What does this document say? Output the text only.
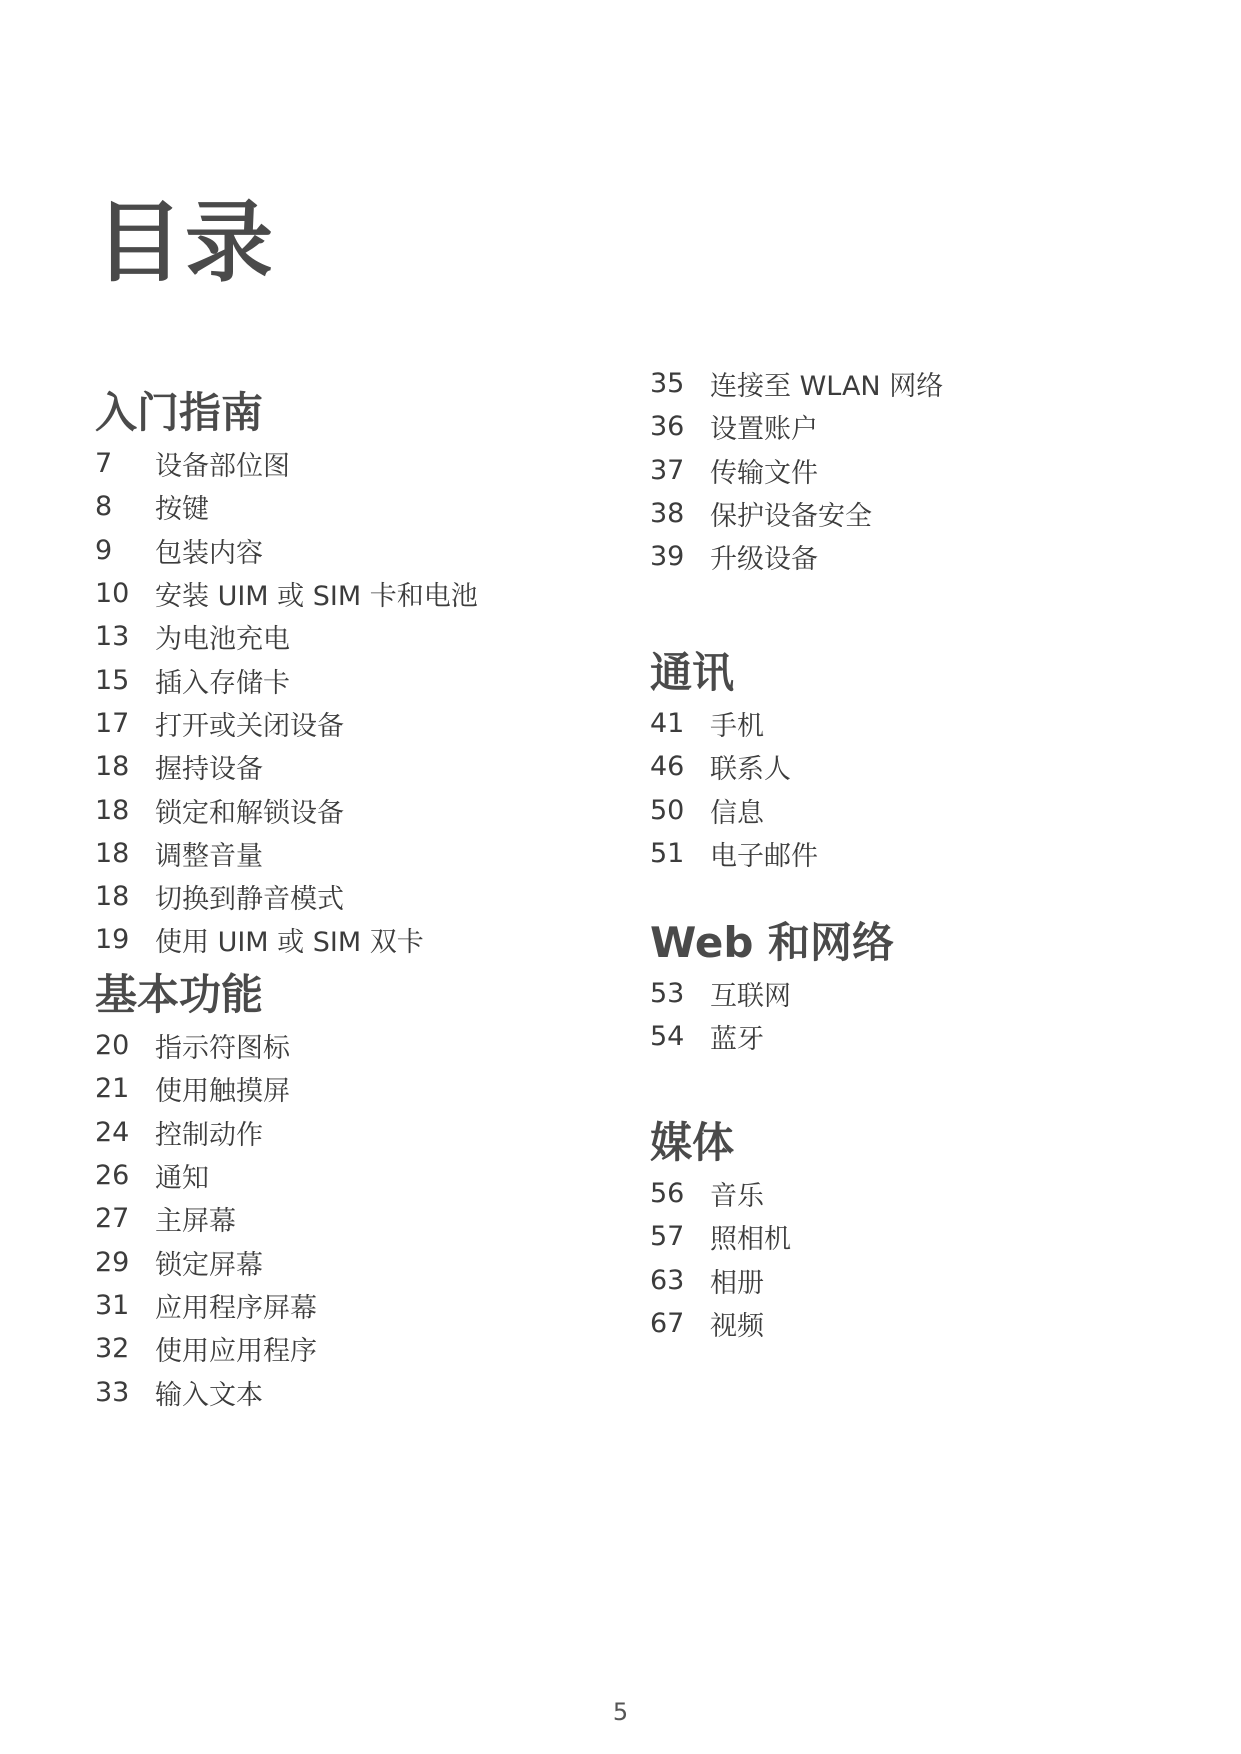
目录
入门指南
7	设备部位图
8	按键
9	包装内容
10 安装 UIM 或 SIM 卡和电池
13 为电池充电
15 插入存储卡
17 打开或关闭设备
18 握持设备
18 锁定和解锁设备
18 调整音量
18 切换到静音模式
19 使用 UIM 或 SIM 双卡
基本功能
20 指示符图标
21 使用触摸屏
24 控制动作
26 通知
27 主屏幕
29 锁定屏幕
31 应用程序屏幕
32 使用应用程序
33 输入文本
35 连接至 WLAN 网络
36 设置账户
37 传输文件
38 保护设备安全
39 升级设备
通讯
41 手机
46 联系人
50 信息
51 电子邮件
Web 和网络
53 互联网
54 蓝牙
媒体
56 音乐
57 照相机
63 相册
67 视频
5
